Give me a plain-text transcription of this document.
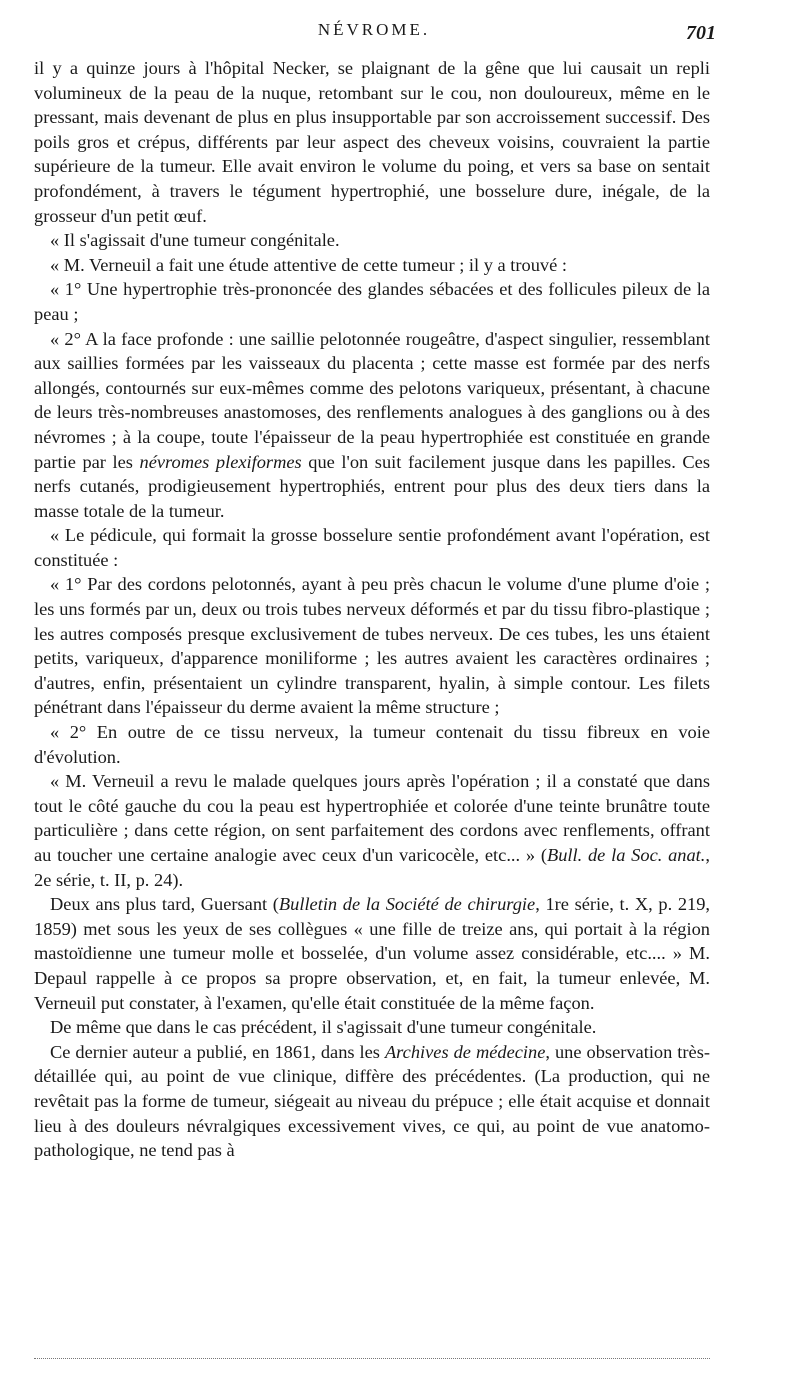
NÉVROME.	701

il y a quinze jours à l'hôpital Necker, se plaignant de la gêne que lui causait un repli volumineux de la peau de la nuque, retombant sur le cou, non douloureux, même en le pressant, mais devenant de plus en plus insupportable par son accroissement successif. Des poils gros et crépus, différents par leur aspect des cheveux voisins, couvraient la partie supérieure de la tumeur. Elle avait environ le volume du poing, et vers sa base on sentait profondément, à travers le tégument hypertrophié, une bosselure dure, inégale, de la grosseur d'un petit œuf.

« Il s'agissait d'une tumeur congénitale.

« M. Verneuil a fait une étude attentive de cette tumeur ; il y a trouvé :

« 1° Une hypertrophie très-prononcée des glandes sébacées et des follicules pileux de la peau ;

« 2° A la face profonde : une saillie pelotonnée rougeâtre, d'aspect singulier, ressemblant aux saillies formées par les vaisseaux du placenta ; cette masse est formée par des nerfs allongés, contournés sur eux-mêmes comme des pelotons variqueux, présentant, à chacune de leurs très-nombreuses anastomoses, des renflements analogues à des ganglions ou à des névromes ; à la coupe, toute l'épaisseur de la peau hypertrophiée est constituée en grande partie par les névromes plexiformes que l'on suit facilement jusque dans les papilles. Ces nerfs cutanés, prodigieusement hypertrophiés, entrent pour plus des deux tiers dans la masse totale de la tumeur.

« Le pédicule, qui formait la grosse bosselure sentie profondément avant l'opération, est constituée :

« 1° Par des cordons pelotonnés, ayant à peu près chacun le volume d'une plume d'oie ; les uns formés par un, deux ou trois tubes nerveux déformés et par du tissu fibro-plastique ; les autres composés presque exclusivement de tubes nerveux. De ces tubes, les uns étaient petits, variqueux, d'apparence moniliforme ; les autres avaient les caractères ordinaires ; d'autres, enfin, présentaient un cylindre transparent, hyalin, à simple contour. Les filets pénétrant dans l'épaisseur du derme avaient la même structure ;

« 2° En outre de ce tissu nerveux, la tumeur contenait du tissu fibreux en voie d'évolution.

« M. Verneuil a revu le malade quelques jours après l'opération ; il a constaté que dans tout le côté gauche du cou la peau est hypertrophiée et colorée d'une teinte brunâtre toute particulière ; dans cette région, on sent parfaitement des cordons avec renflements, offrant au toucher une certaine analogie avec ceux d'un varicocèle, etc... » (Bull. de la Soc. anat., 2e série, t. II, p. 24).

Deux ans plus tard, Guersant (Bulletin de la Société de chirurgie, 1re série, t. X, p. 219, 1859) met sous les yeux de ses collègues « une fille de treize ans, qui portait à la région mastoïdienne une tumeur molle et bosselée, d'un volume assez considérable, etc.... » M. Depaul rappelle à ce propos sa propre observation, et, en fait, la tumeur enlevée, M. Verneuil put constater, à l'examen, qu'elle était constituée de la même façon.

De même que dans le cas précédent, il s'agissait d'une tumeur congénitale.

Ce dernier auteur a publié, en 1861, dans les Archives de médecine, une observation très-détaillée qui, au point de vue clinique, diffère des précédentes. (La production, qui ne revêtait pas la forme de tumeur, siégeait au niveau du prépuce ; elle était acquise et donnait lieu à des douleurs névralgiques excessivement vives, ce qui, au point de vue anatomo-pathologique, ne tend pas à
